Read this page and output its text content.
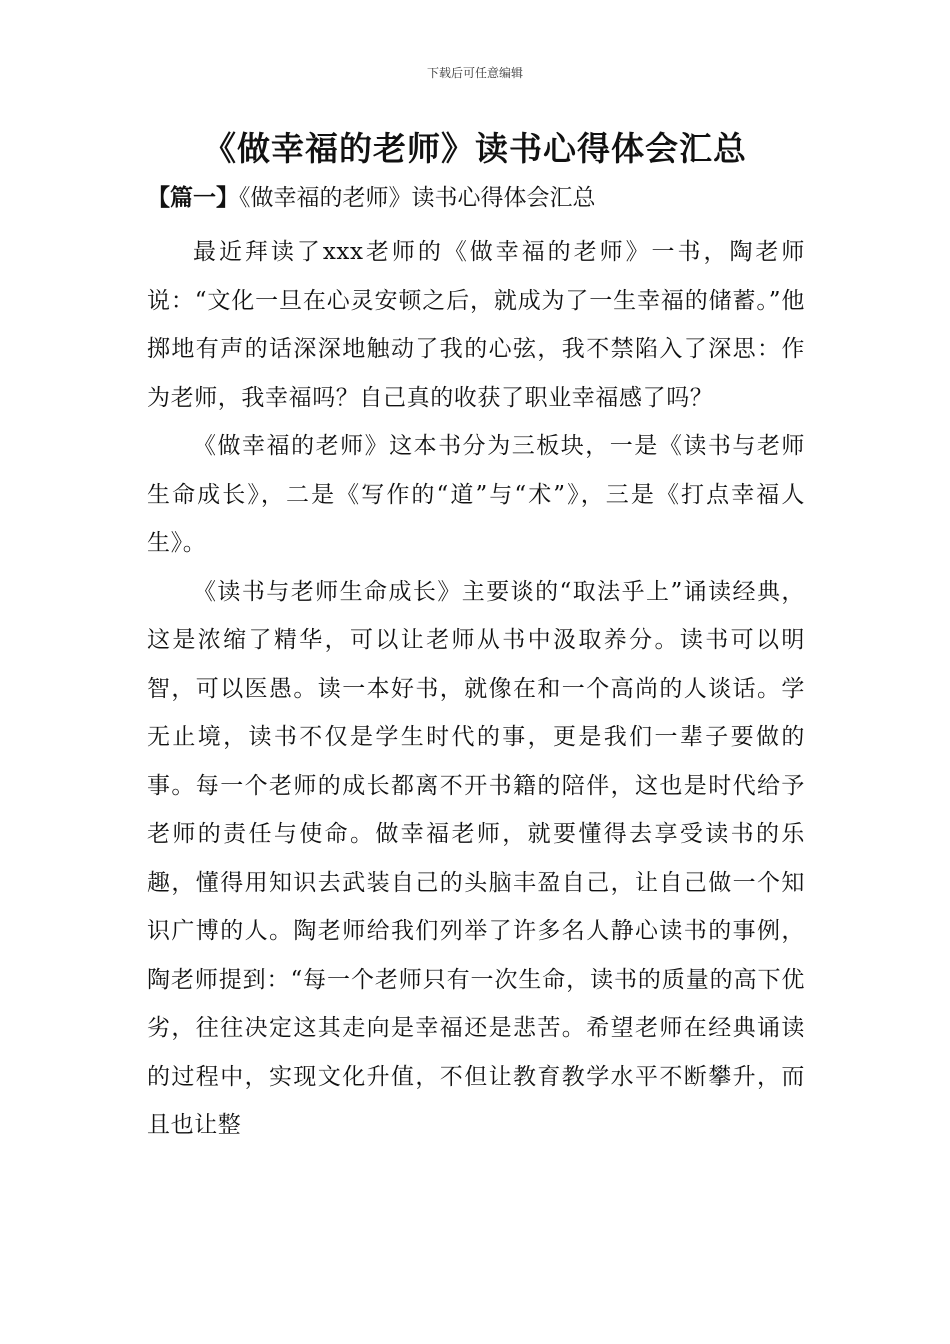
下载后可任意编辑
《做幸福的老师》读书心得体会汇总
【篇一】《做幸福的老师》读书心得体会汇总

最近拜读了xxx老师的《做幸福的老师》一书，陶老师说：“文化一旦在心灵安顿之后，就成为了一生幸福的储蓄。”他掷地有声的话深深地触动了我的心弦，我不禁陷入了深思：作为老师，我幸福吗？自己真的收获了职业幸福感了吗？

《做幸福的老师》这本书分为三板块，一是《读书与老师生命成长》，二是《写作的“道”与“术”》，三是《打点幸福人生》。

《读书与老师生命成长》主要谈的“取法乎上”诵读经典，这是浓缩了精华，可以让老师从书中汲取养分。读书可以明智，可以医愚。读一本好书，就像在和一个高尚的人谈话。学无止境，读书不仅是学生时代的事，更是我们一辈子要做的事。每一个老师的成长都离不开书籍的陪伴，这也是时代给予老师的责任与使命。做幸福老师，就要懂得去享受读书的乐趣，懂得用知识去武装自己的头脑丰盈自己，让自己做一个知识广博的人。陶老师给我们列举了许多名人静心读书的事例，陶老师提到：“每一个老师只有一次生命，读书的质量的高下优劣，往往决定这其走向是幸福还是悲苦。希望老师在经典诵读的过程中，实现文化升值，不但让教育教学水平不断攀升，而且也让整
